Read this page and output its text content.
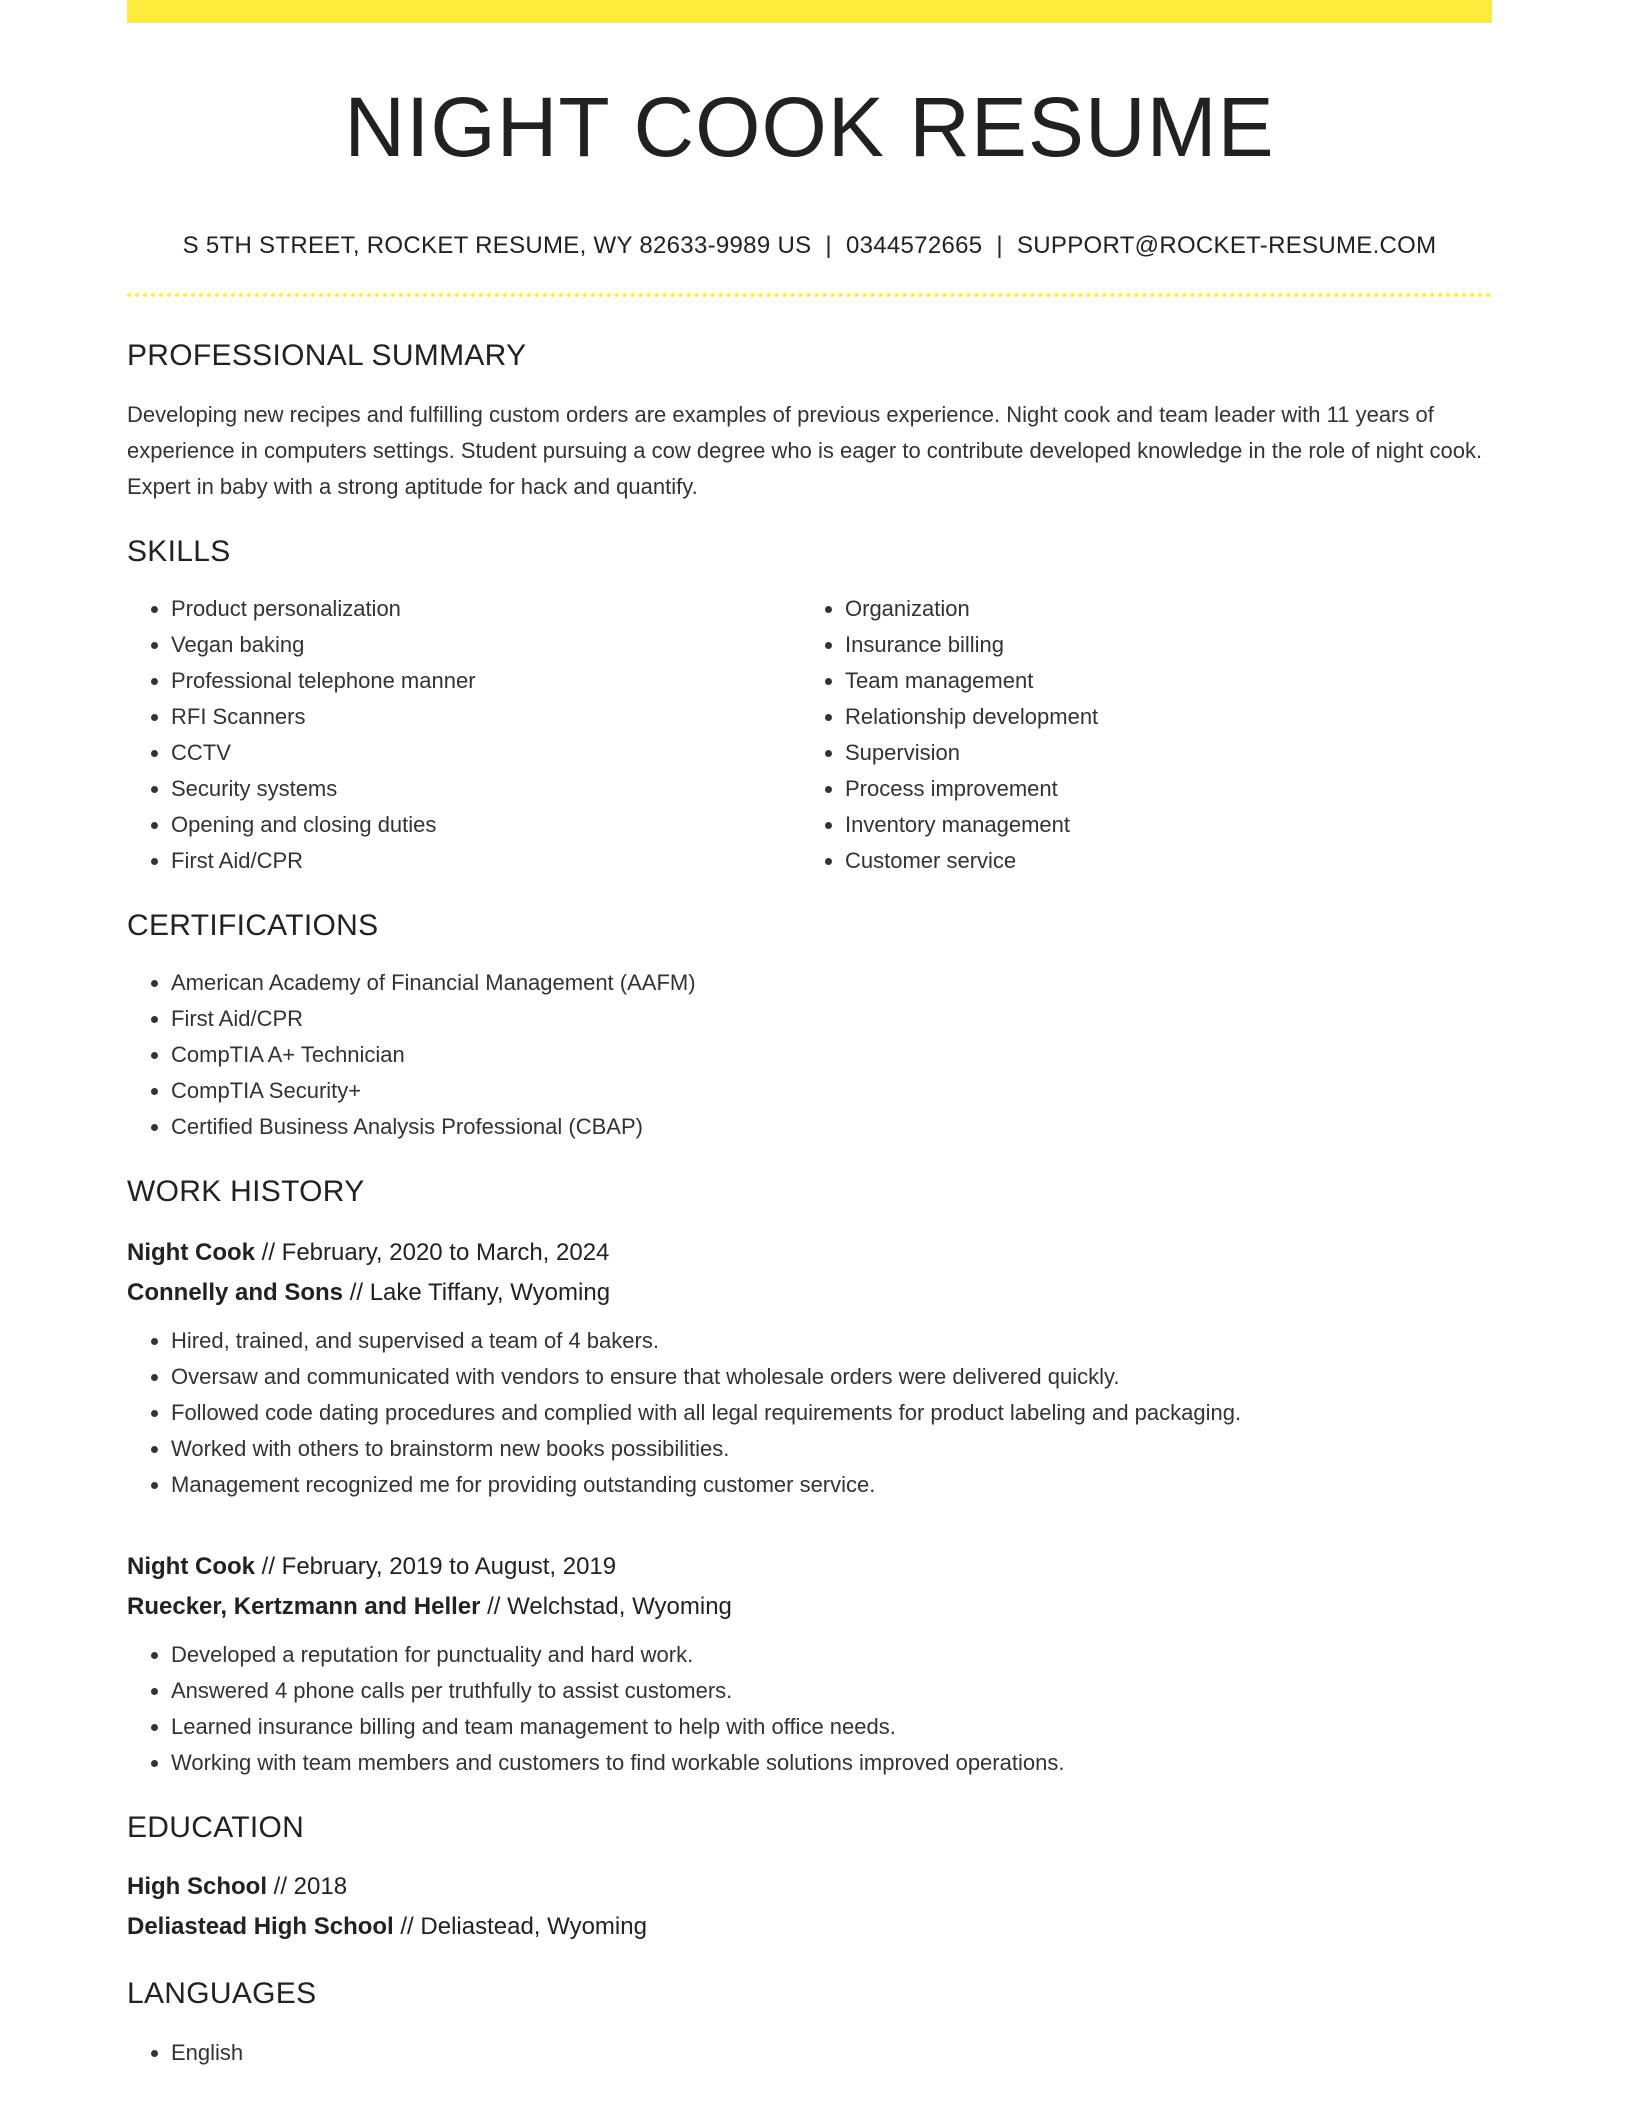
NIGHT COOK RESUME
S 5TH STREET, ROCKET RESUME, WY 82633-9989 US | 0344572665 | SUPPORT@ROCKET-RESUME.COM
PROFESSIONAL SUMMARY

Developing new recipes and fulfilling custom orders are examples of previous experience. Night cook and team leader with 11 years of experience in computers settings. Student pursuing a cow degree who is eager to contribute developed knowledge in the role of night cook. Expert in baby with a strong aptitude for hack and quantify.

SKILLS
• Product personalization
• Vegan baking
• Professional telephone manner
• RFI Scanners
• CCTV
• Security systems
• Opening and closing duties
• First Aid/CPR
• Organization
• Insurance billing
• Team management
• Relationship development
• Supervision
• Process improvement
• Inventory management
• Customer service
CERTIFICATIONS
• American Academy of Financial Management (AAFM)
• First Aid/CPR
• CompTIA A+ Technician
• CompTIA Security+
• Certified Business Analysis Professional (CBAP)
WORK HISTORY
Night Cook // February, 2020 to March, 2024
Connelly and Sons // Lake Tiffany, Wyoming
• Hired, trained, and supervised a team of 4 bakers.
• Oversaw and communicated with vendors to ensure that wholesale orders were delivered quickly.
• Followed code dating procedures and complied with all legal requirements for product labeling and packaging.
• Worked with others to brainstorm new books possibilities.
• Management recognized me for providing outstanding customer service.
Night Cook // February, 2019 to August, 2019
Ruecker, Kertzmann and Heller // Welchstad, Wyoming
• Developed a reputation for punctuality and hard work.
• Answered 4 phone calls per truthfully to assist customers.
• Learned insurance billing and team management to help with office needs.
• Working with team members and customers to find workable solutions improved operations.
EDUCATION
High School // 2018
Deliastead High School // Deliastead, Wyoming
LANGUAGES
• English
